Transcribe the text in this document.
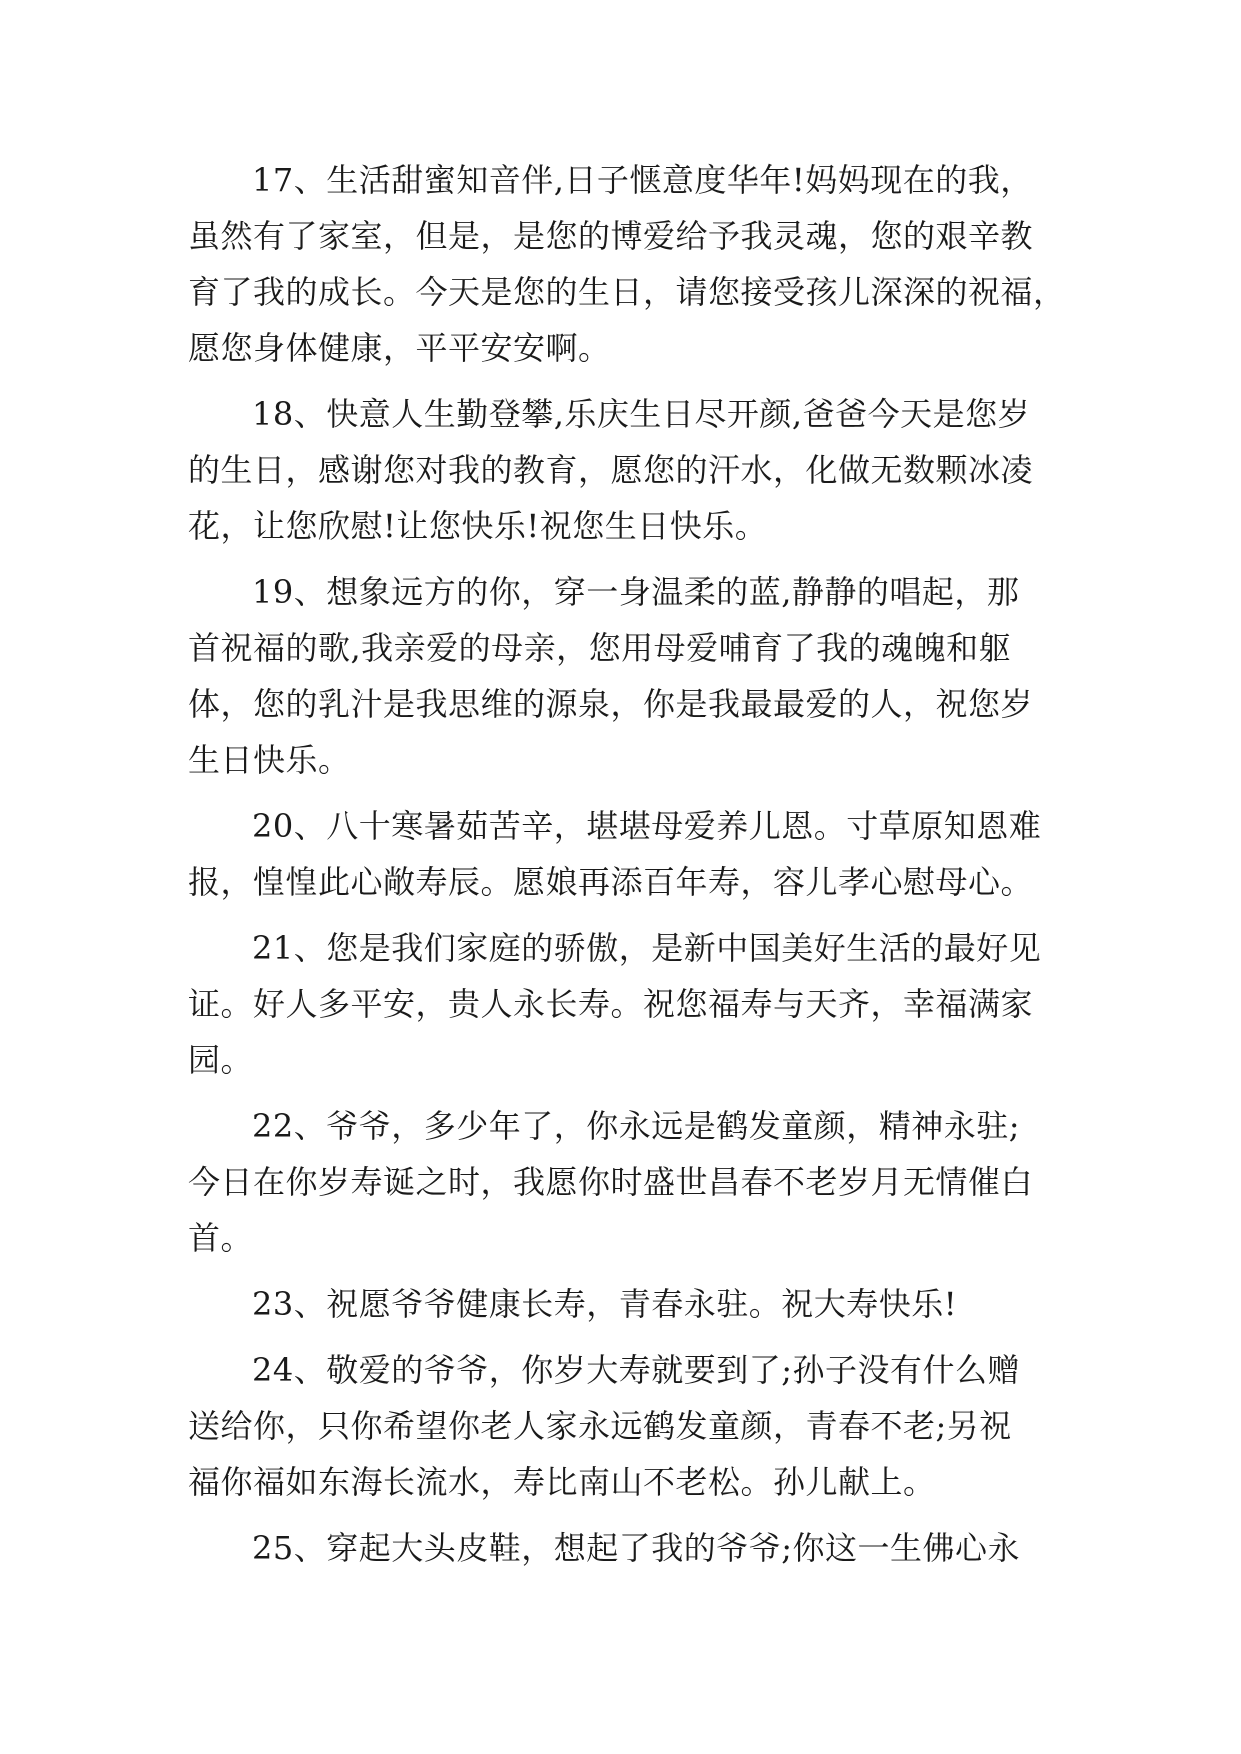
17、生活甜蜜知音伴,日子惬意度华年!妈妈现在的我，
虽然有了家室，但是，是您的博爱给予我灵魂，您的艰辛教
育了我的成长。今天是您的生日，请您接受孩儿深深的祝福，
愿您身体健康，平平安安啊。
18、快意人生勤登攀,乐庆生日尽开颜,爸爸今天是您岁
的生日，感谢您对我的教育，愿您的汗水，化做无数颗冰凌
花，让您欣慰!让您快乐!祝您生日快乐。
19、想象远方的你，穿一身温柔的蓝,静静的唱起，那
首祝福的歌,我亲爱的母亲，您用母爱哺育了我的魂魄和躯
体，您的乳汁是我思维的源泉，你是我最最爱的人，祝您岁
生日快乐。
20、八十寒暑茹苦辛，堪堪母爱养儿恩。寸草原知恩难
报，惶惶此心敞寿辰。愿娘再添百年寿，容儿孝心慰母心。
21、您是我们家庭的骄傲，是新中国美好生活的最好见
证。好人多平安，贵人永长寿。祝您福寿与天齐，幸福满家
园。
22、爷爷，多少年了，你永远是鹤发童颜，精神永驻;
今日在你岁寿诞之时，我愿你时盛世昌春不老岁月无情催白
首。
23、祝愿爷爷健康长寿，青春永驻。祝大寿快乐!
24、敬爱的爷爷，你岁大寿就要到了;孙子没有什么赠
送给你，只你希望你老人家永远鹤发童颜，青春不老;另祝
福你福如东海长流水，寿比南山不老松。孙儿献上。
25、穿起大头皮鞋，想起了我的爷爷;你这一生佛心永
